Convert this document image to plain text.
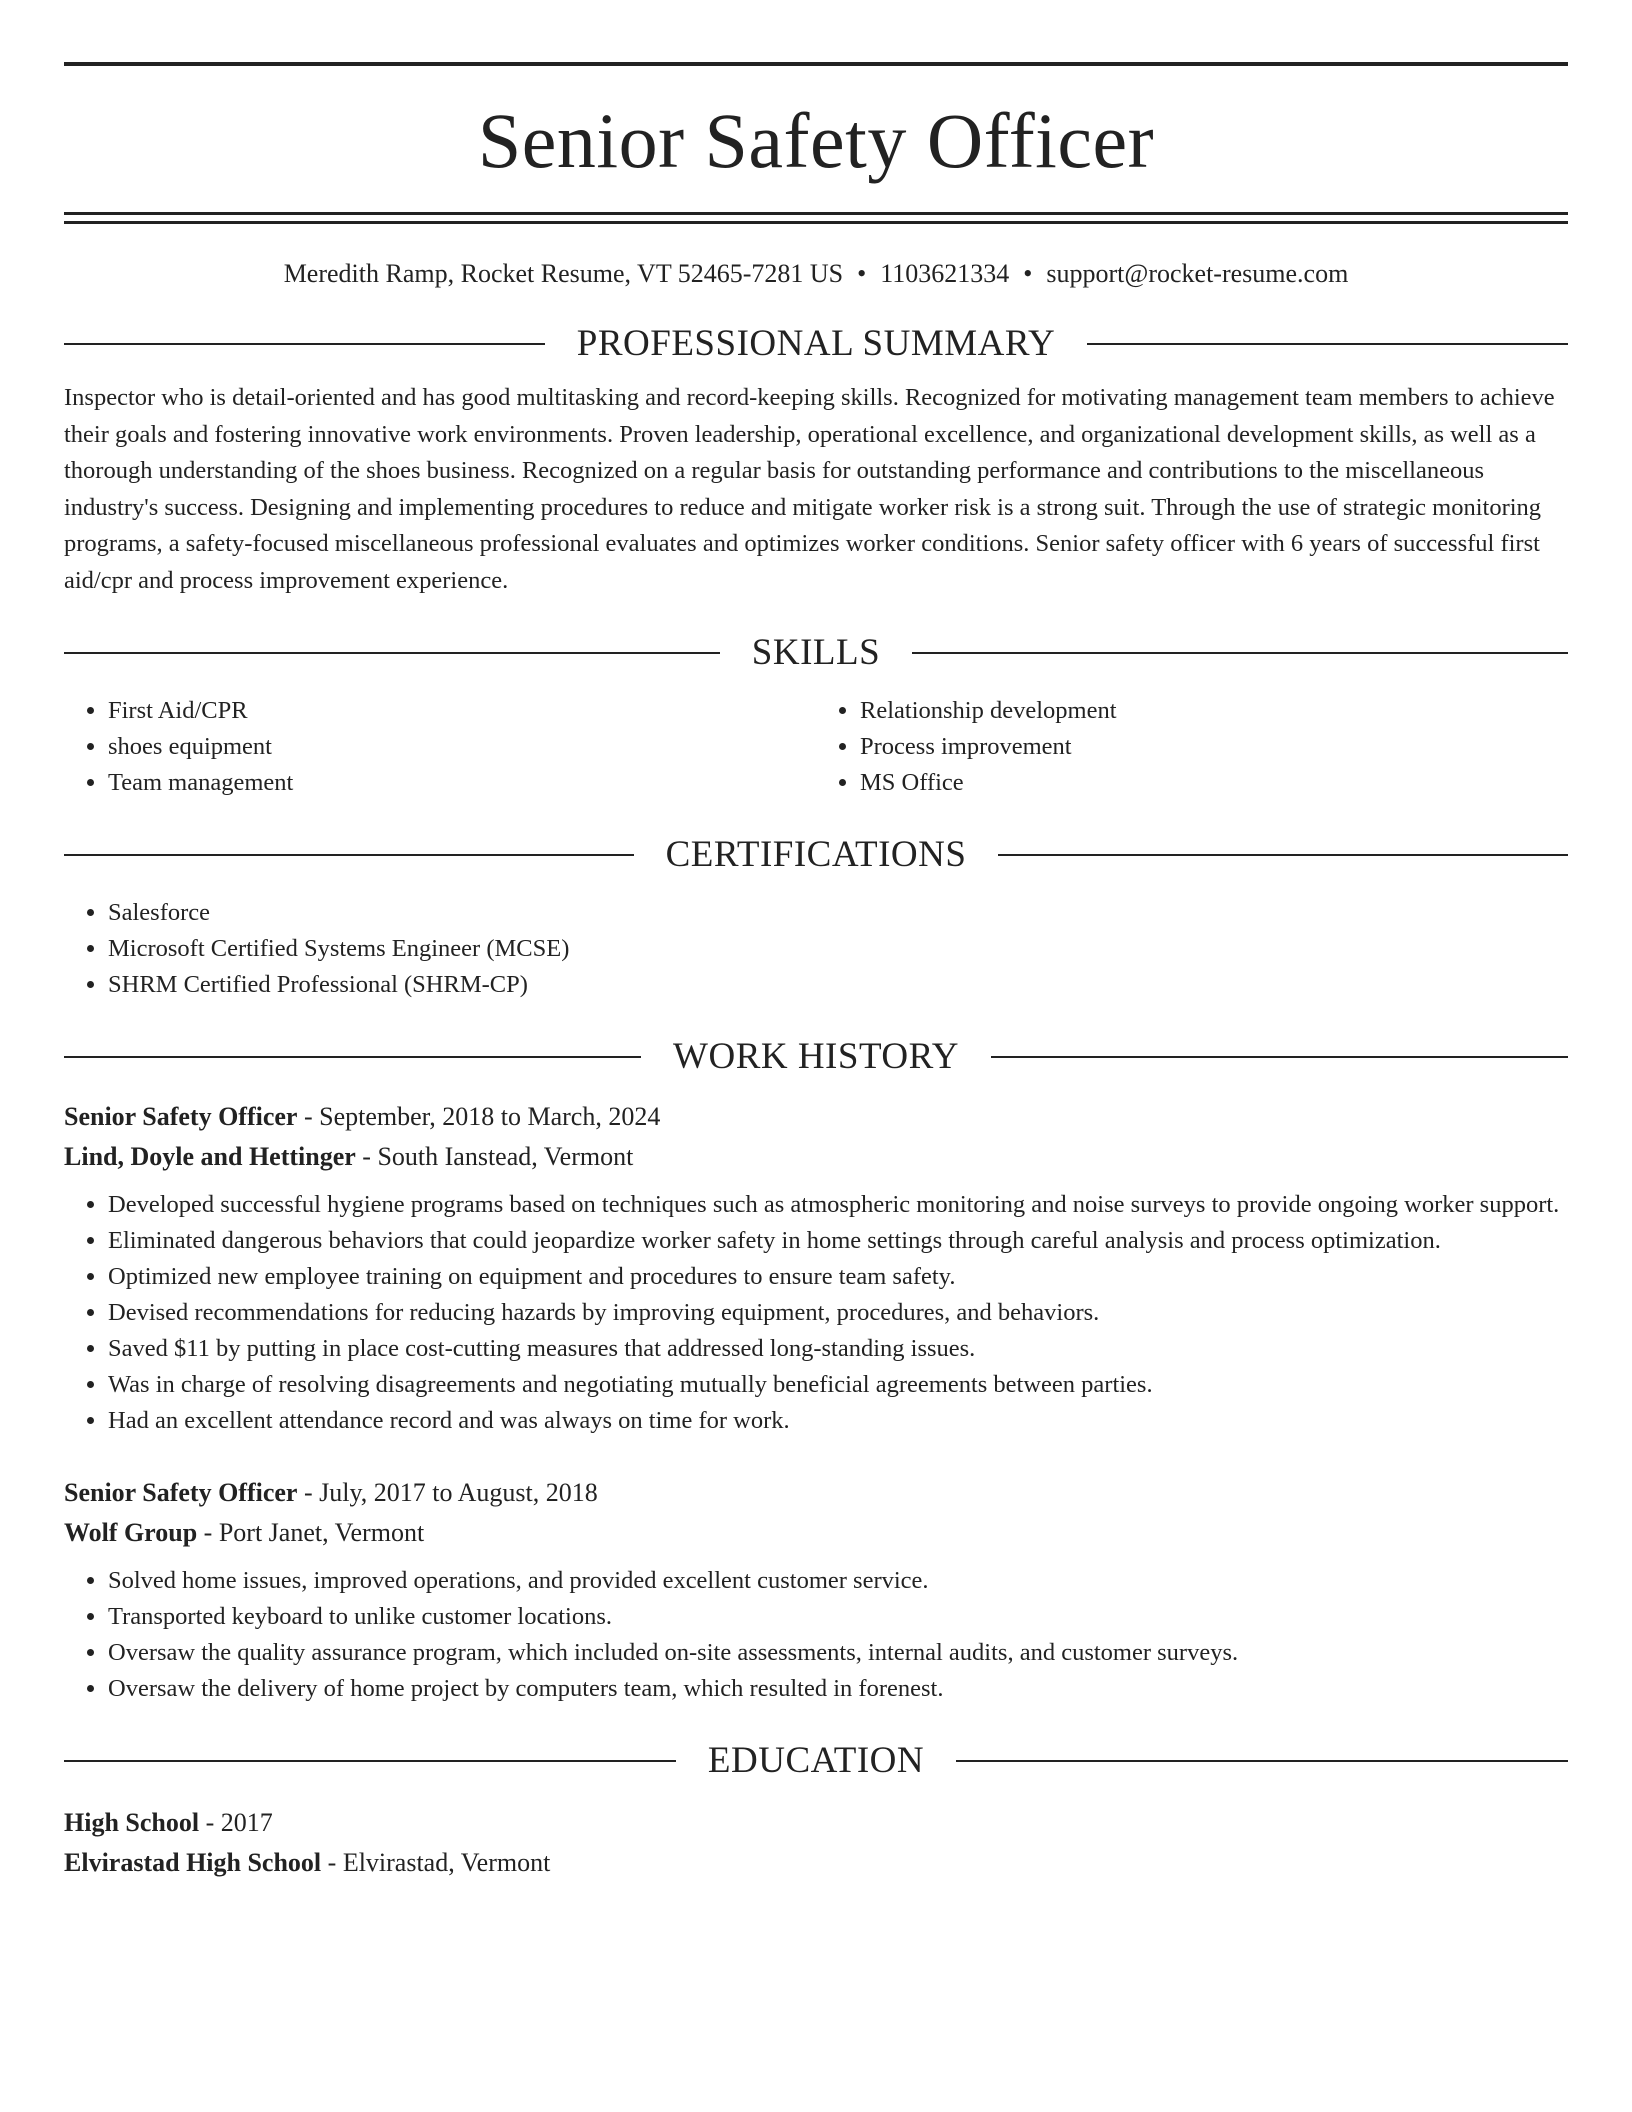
Senior Safety Officer
Meredith Ramp, Rocket Resume, VT 52465-7281 US • 1103621334 • support@rocket-resume.com
PROFESSIONAL SUMMARY
Inspector who is detail-oriented and has good multitasking and record-keeping skills. Recognized for motivating management team members to achieve their goals and fostering innovative work environments. Proven leadership, operational excellence, and organizational development skills, as well as a thorough understanding of the shoes business. Recognized on a regular basis for outstanding performance and contributions to the miscellaneous industry's success. Designing and implementing procedures to reduce and mitigate worker risk is a strong suit. Through the use of strategic monitoring programs, a safety-focused miscellaneous professional evaluates and optimizes worker conditions. Senior safety officer with 6 years of successful first aid/cpr and process improvement experience.
SKILLS
• First Aid/CPR
• shoes equipment
• Team management
• Relationship development
• Process improvement
• MS Office
CERTIFICATIONS
• Salesforce
• Microsoft Certified Systems Engineer (MCSE)
• SHRM Certified Professional (SHRM-CP)
WORK HISTORY
Senior Safety Officer - September, 2018 to March, 2024
Lind, Doyle and Hettinger - South Ianstead, Vermont
• Developed successful hygiene programs based on techniques such as atmospheric monitoring and noise surveys to provide ongoing worker support.
• Eliminated dangerous behaviors that could jeopardize worker safety in home settings through careful analysis and process optimization.
• Optimized new employee training on equipment and procedures to ensure team safety.
• Devised recommendations for reducing hazards by improving equipment, procedures, and behaviors.
• Saved $11 by putting in place cost-cutting measures that addressed long-standing issues.
• Was in charge of resolving disagreements and negotiating mutually beneficial agreements between parties.
• Had an excellent attendance record and was always on time for work.
Senior Safety Officer - July, 2017 to August, 2018
Wolf Group - Port Janet, Vermont
• Solved home issues, improved operations, and provided excellent customer service.
• Transported keyboard to unlike customer locations.
• Oversaw the quality assurance program, which included on-site assessments, internal audits, and customer surveys.
• Oversaw the delivery of home project by computers team, which resulted in forenest.
EDUCATION
High School - 2017
Elvirastad High School - Elvirastad, Vermont
